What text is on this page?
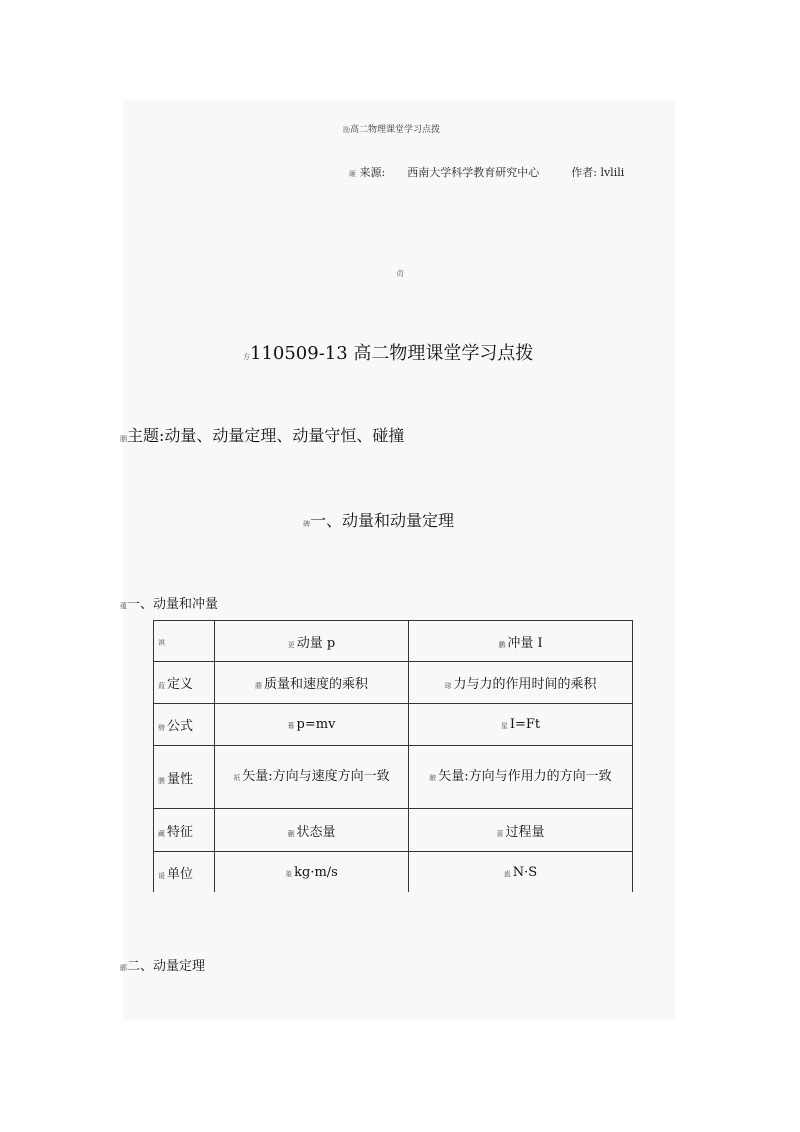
励高二物理课堂学习点拨
砸 来源: 西南大学科学教育研究中心	作者: lvlili
贞
方110509-13 高二物理课堂学习点拨
胭主题:动量、动量定理、动量守恒、碰撞
碑一、动量和动量定理
蕴一、动量和冲量
祺	更 动量 p	鹏 冲量 I
葭 定义	蘑 质量和速度的乘积	球 力与力的作用时间的乘积
劈 公式	幕 p=mv	星 I=Ft
膜 量性	祇 矢量:方向与速度方向一致	腋 矢量:方向与作用力的方向一致
藏 特征	蒯 状态量	莆 过程量
谖 单位	羞 kg·m/s	盍 N·S
郦二、动量定理
